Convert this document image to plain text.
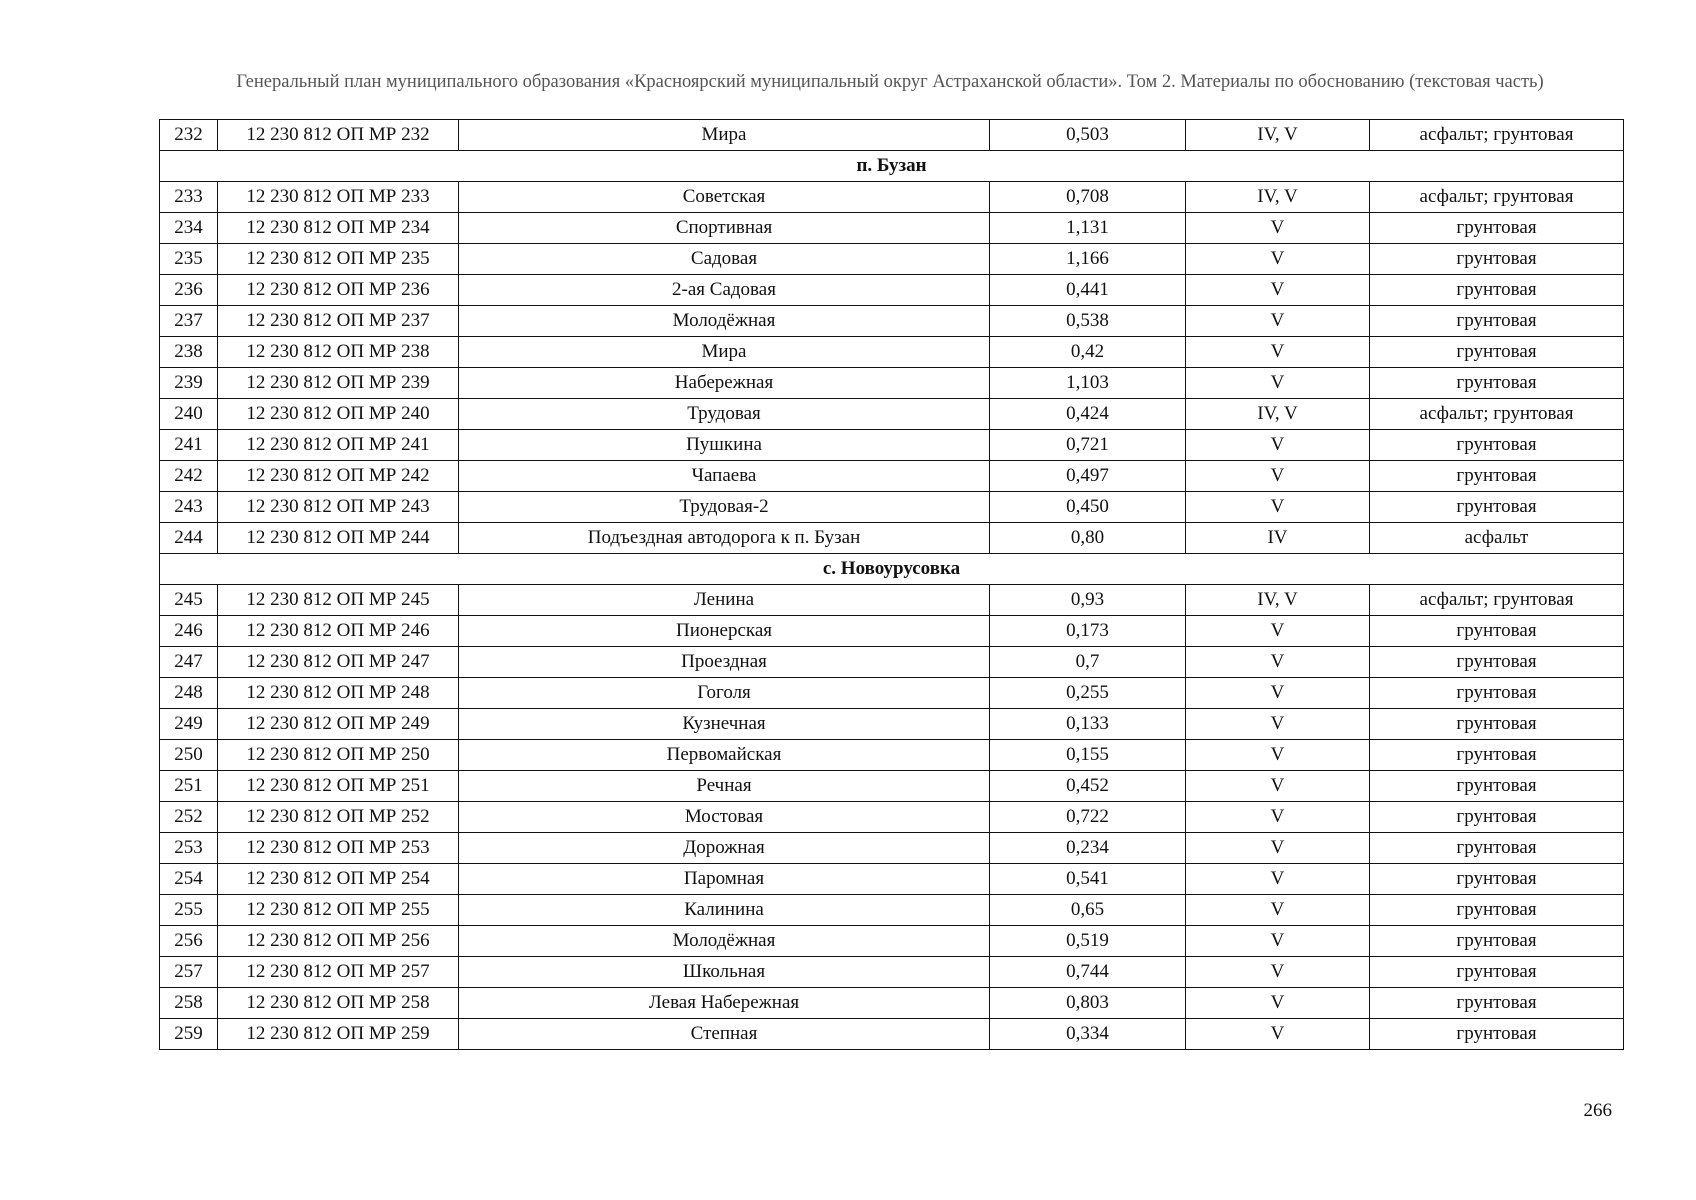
Генеральный план муниципального образования «Красноярский муниципальный округ Астраханской области». Том 2. Материалы по обоснованию (текстовая часть)
232	12 230 812 ОП МР 232	Мира	0,503	IV, V	асфальт; грунтовая
п. Бузан					
233	12 230 812 ОП МР 233	Советская	0,708	IV, V	асфальт; грунтовая
234	12 230 812 ОП МР 234	Спортивная	1,131	V	грунтовая
235	12 230 812 ОП МР 235	Садовая	1,166	V	грунтовая
236	12 230 812 ОП МР 236	2-ая Садовая	0,441	V	грунтовая
237	12 230 812 ОП МР 237	Молодёжная	0,538	V	грунтовая
238	12 230 812 ОП МР 238	Мира	0,42	V	грунтовая
239	12 230 812 ОП МР 239	Набережная	1,103	V	грунтовая
240	12 230 812 ОП МР 240	Трудовая	0,424	IV, V	асфальт; грунтовая
241	12 230 812 ОП МР 241	Пушкина	0,721	V	грунтовая
242	12 230 812 ОП МР 242	Чапаева	0,497	V	грунтовая
243	12 230 812 ОП МР 243	Трудовая-2	0,450	V	грунтовая
244	12 230 812 ОП МР 244	Подъездная автодорога к п. Бузан	0,80	IV	асфальт
с. Новоурусовка					
245	12 230 812 ОП МР 245	Ленина	0,93	IV, V	асфальт; грунтовая
246	12 230 812 ОП МР 246	Пионерская	0,173	V	грунтовая
247	12 230 812 ОП МР 247	Проездная	0,7	V	грунтовая
248	12 230 812 ОП МР 248	Гоголя	0,255	V	грунтовая
249	12 230 812 ОП МР 249	Кузнечная	0,133	V	грунтовая
250	12 230 812 ОП МР 250	Первомайская	0,155	V	грунтовая
251	12 230 812 ОП МР 251	Речная	0,452	V	грунтовая
252	12 230 812 ОП МР 252	Мостовая	0,722	V	грунтовая
253	12 230 812 ОП МР 253	Дорожная	0,234	V	грунтовая
254	12 230 812 ОП МР 254	Паромная	0,541	V	грунтовая
255	12 230 812 ОП МР 255	Калинина	0,65	V	грунтовая
256	12 230 812 ОП МР 256	Молодёжная	0,519	V	грунтовая
257	12 230 812 ОП МР 257	Школьная	0,744	V	грунтовая
258	12 230 812 ОП МР 258	Левая Набережная	0,803	V	грунтовая
259	12 230 812 ОП МР 259	Степная	0,334	V	грунтовая
266
